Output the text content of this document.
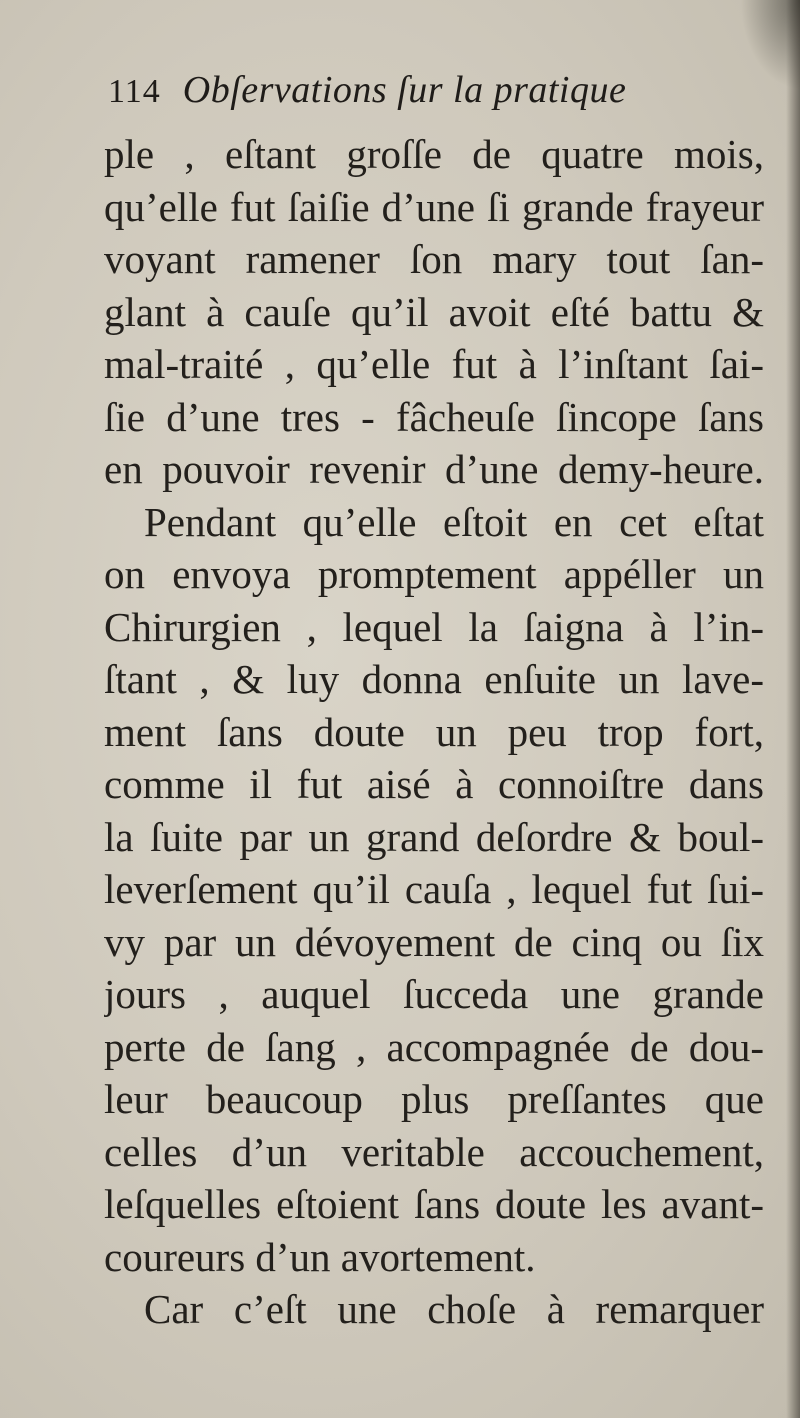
114 Obſervations ſur la pratique
ple , eſtant groſſe de quatre mois,
qu’elle fut ſaiſie d’une ſi grande frayeur
voyant ramener ſon mary tout ſan-
glant à cauſe qu’il avoit eſté battu &
mal-traité , qu’elle fut à l’inſtant ſai-
ſie d’une tres - fâcheuſe ſincope ſans
en pouvoir revenir d’une demy-heure.
Pendant qu’elle eſtoit en cet eſtat
on envoya promptement appéller un
Chirurgien , lequel la ſaigna à l’in-
ſtant , & luy donna enſuite un lave-
ment ſans doute un peu trop fort,
comme il fut aisé à connoiſtre dans
la ſuite par un grand deſordre & boul-
leverſement qu’il cauſa , lequel fut ſui-
vy par un dévoyement de cinq ou ſix
jours , auquel ſucceda une grande
perte de ſang , accompagnée de dou-
leur beaucoup plus preſſantes que
celles d’un veritable accouchement,
leſquelles eſtoient ſans doute les avant-
coureurs d’un avortement.
Car c’eſt une choſe à remarquer
